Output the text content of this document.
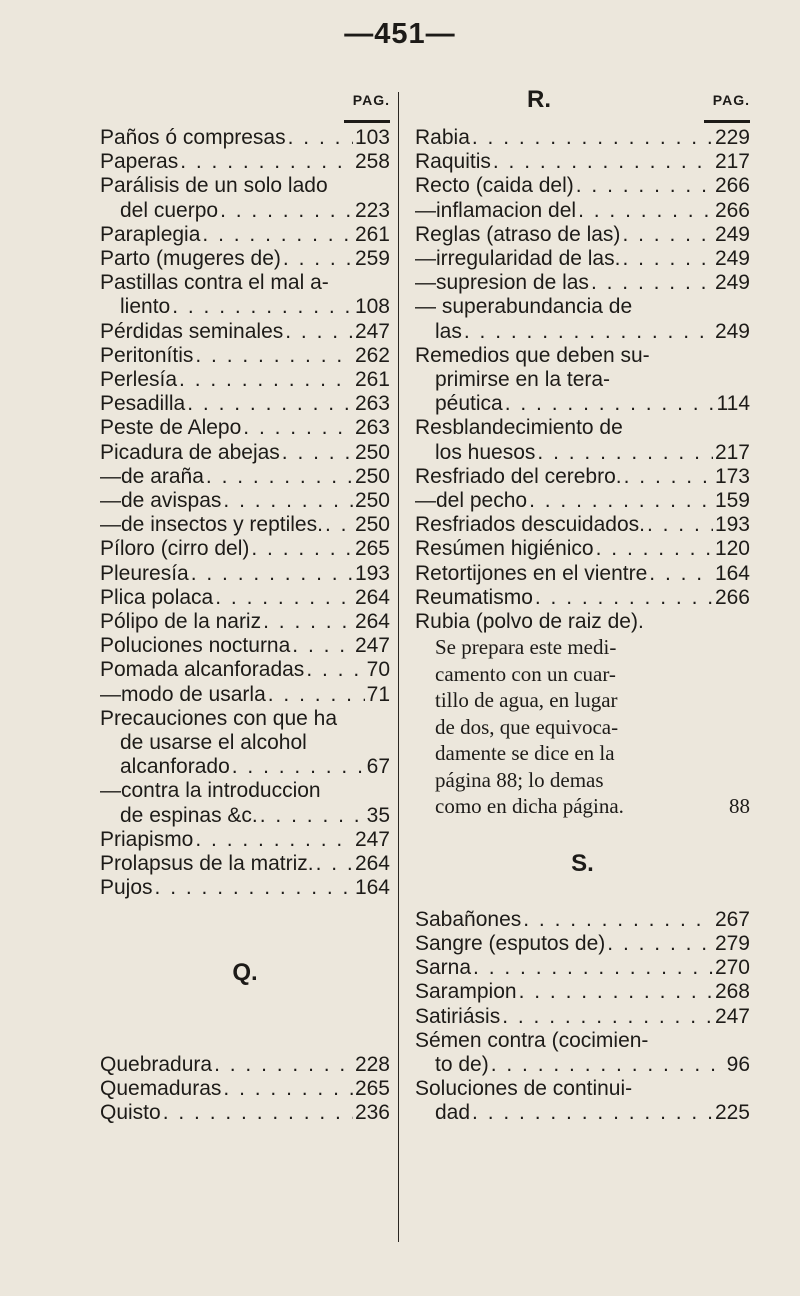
—451—
PAG.
Paños ó compresas . . .	103
Paperas . . .	258
Parálisis de un solo lado
del cuerpo . . .	223
Paraplegia . . .	261
Parto (mugeres de) . . .	259
Pastillas contra el mal a-
liento . . .	108
Pérdidas seminales . . .	247
Peritonítis . . .	262
Perlesía . . .	261
Pesadilla . . .	263
Peste de Alepo . . .	263
Picadura de abejas . . .	250
—de araña . . .	250
—de avispas . . .	250
—de insectos y reptiles. . . . 250
Píloro (cirro del) . . .	265
Pleuresía . . .	193
Plica polaca . . .	264
Pólipo de la nariz . . .	264
Poluciones nocturna . . .	247
Pomada alcanforadas . . .	70
—modo de usarla . . .	71
Precauciones con que ha
de usarse el alcohol
alcanforado . . .	67
—contra la introduccion
de espinas &c. . . .	35
Priapismo . . .	247
Prolapsus de la matriz. . . . 264
Pujos . . .	164
Q.
Quebradura . . .	228
Quemaduras . . .	265
Quisto . . .	236
R.	PAG.
Rabia . . .	229
Raquitis . . .	217
Recto (caida del) . . .	266
—inflamacion del . . .	266
Reglas (atraso de las) . . .	249
—irregularidad de las. . . .	249
—supresion de las . . .	249
— superabundancia de
las . . .	249
Remedios que deben su-
primirse en la tera-
péutica . . .	114
Resblandecimiento de
los huesos . . .	217
Resfriado del cerebro. . . .	173
—del pecho . . .	159
Resfriados descuidados. . . .	193
Resúmen higiénico . . .	120
Retortijones en el vientre . . .	164
Reumatismo . . .	266
Rubia (polvo de raiz de).
Se prepara este medi-
camento con un cuar-
tillo de agua, en lugar
de dos, que equivoca-
damente se dice en la
página 88; lo demas
como en dicha página.	88
S.
Sabañones . . .	267
Sangre (esputos de) . . .	279
Sarna . . .	270
Sarampion . . .	268
Satiriásis . . .	247
Sémen contra (cocimien-
to de) . . .	96
Soluciones de continui-
dad . . .	225
